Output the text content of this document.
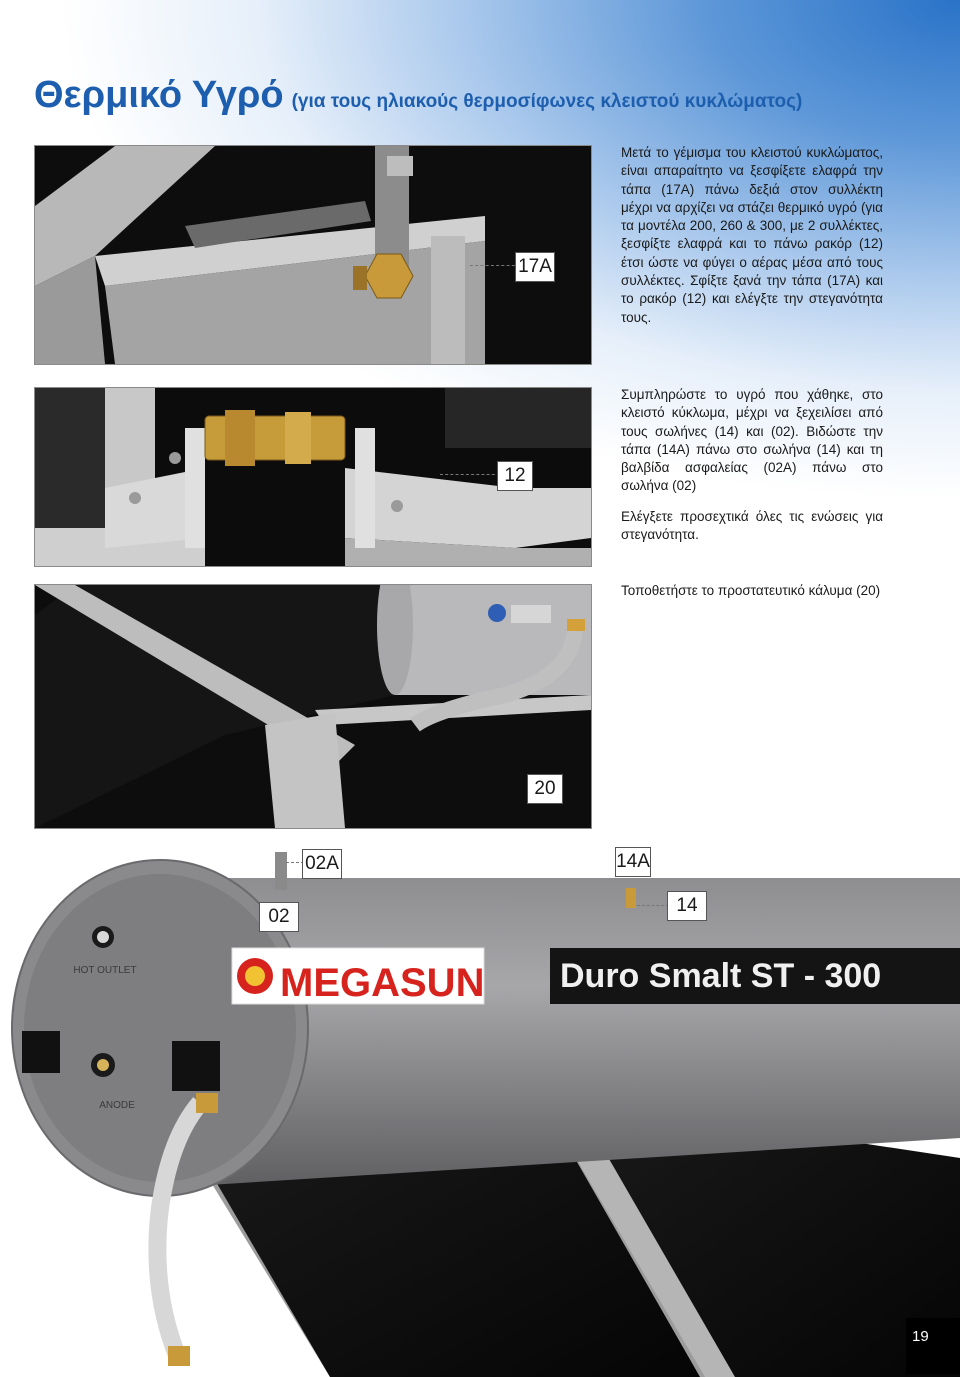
Θερμικό Υγρό (για τους ηλιακούς θερμοσίφωνες κλειστού κυκλώματος)
17A
Μετά το γέμισμα του κλειστού κυκλώματος, είναι απαραίτητο να ξεσφίξετε ελαφρά την τάπα (17A) πάνω δεξιά στον συλλέκτη μέχρι να αρχίζει να στάζει θερμικό υγρό (για τα μοντέλα 200, 260 & 300, με 2 συλλέκτες, ξεσφίξτε ελαφρά και το πάνω ρακόρ (12) έτσι ώστε να φύγει ο αέρας μέσα από τους συλλέκτες. Σφίξτε ξανά την τάπα (17A) και το ρακόρ (12) και ελέγξτε την στεγανότητα τους.
12
Συμπληρώστε το υγρό που χάθηκε, στο κλειστό κύκλωμα, μέχρι να ξεχειλίσει από τους σωλήνες (14) και (02). Βιδώστε την τάπα (14A) πάνω στο σωλήνα (14) και τη βαλβίδα ασφαλείας (02A) πάνω στο σωλήνα (02)
Ελέγξετε προσεχτικά όλες τις ενώσεις για στεγανότητα.
20
Τοποθετήστε το προστατευτικό κάλυμα (20)
HOT OUTLET
ANODE
MEGASUN Duro Smalt ST - 300
02A
02
14A
14
19
